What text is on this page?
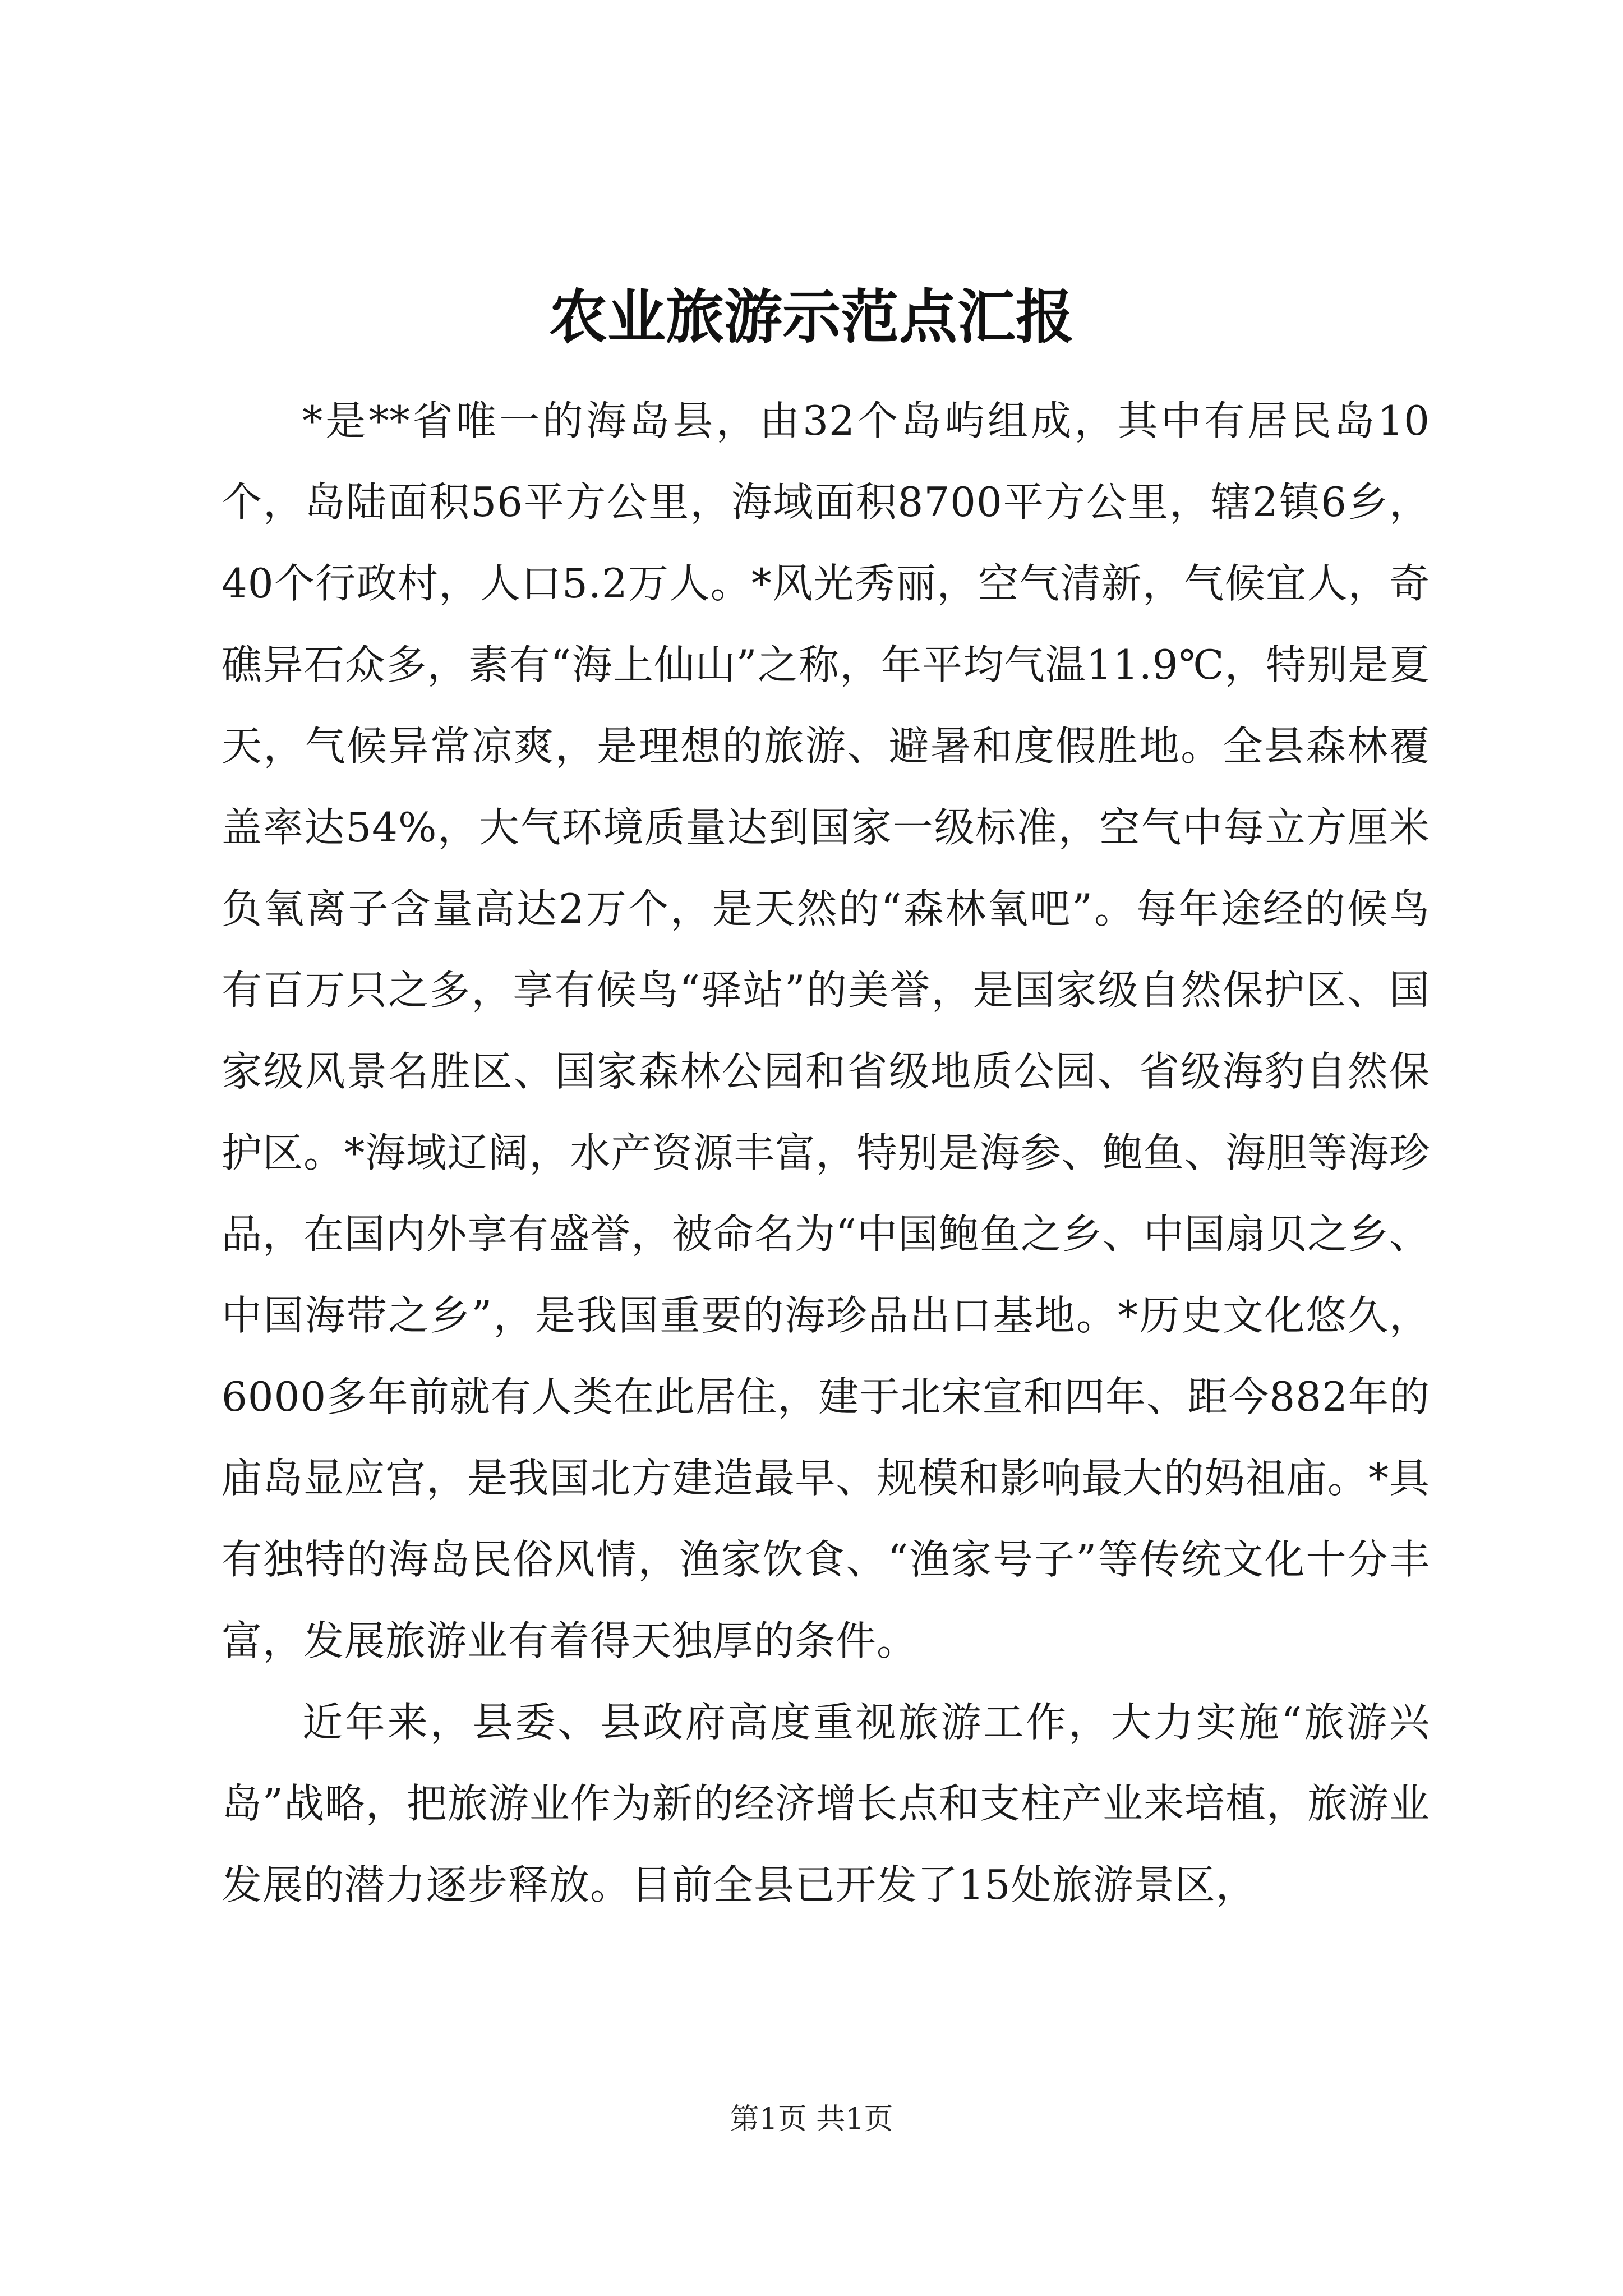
农业旅游示范点汇报

*是**省唯一的海岛县，由32个岛屿组成，其中有居民岛10个，岛陆面积56平方公里，海域面积8700平方公里，辖2镇6乡，40个行政村，人口5.2万人。*风光秀丽，空气清新，气候宜人，奇礁异石众多，素有“海上仙山”之称，年平均气温11.9℃，特别是夏天，气候异常凉爽，是理想的旅游、避暑和度假胜地。全县森林覆盖率达54%，大气环境质量达到国家一级标准，空气中每立方厘米负氧离子含量高达2万个，是天然的“森林氧吧”。每年途经的候鸟有百万只之多，享有候鸟“驿站”的美誉，是国家级自然保护区、国家级风景名胜区、国家森林公园和省级地质公园、省级海豹自然保护区。*海域辽阔，水产资源丰富，特别是海参、鲍鱼、海胆等海珍品，在国内外享有盛誉，被命名为“中国鲍鱼之乡、中国扇贝之乡、中国海带之乡”，是我国重要的海珍品出口基地。*历史文化悠久，6000多年前就有人类在此居住，建于北宋宣和四年、距今882年的庙岛显应宫，是我国北方建造最早、规模和影响最大的妈祖庙。*具有独特的海岛民俗风情，渔家饮食、“渔家号子”等传统文化十分丰富，发展旅游业有着得天独厚的条件。

近年来，县委、县政府高度重视旅游工作，大力实施“旅游兴岛”战略，把旅游业作为新的经济增长点和支柱产业来培植，旅游业发展的潜力逐步释放。目前全县已开发了15处旅游景区，

第1页 共1页
